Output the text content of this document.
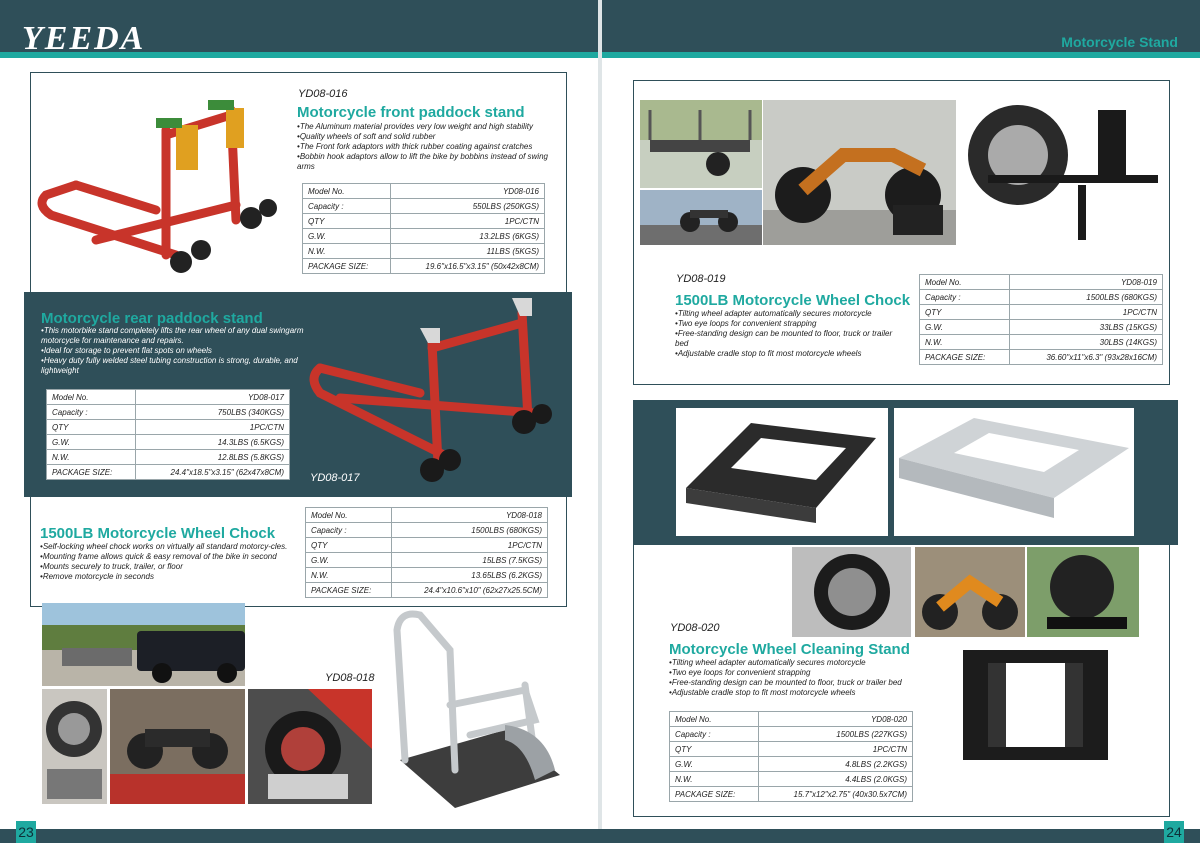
YEEDA	Motorcycle Stand
23	24
YD08-016
Motorcycle front paddock stand
• The Aluminum material provides very low weight and high stability
• Quality wheels of soft and solid rubber
• The Front fork adaptors with thick rubber coating against cratches
• Bobbin hook adaptors allow to lift the bike by bobbins instead of swing arms
Model No.	YD08-016
Capacity :	550LBS (250KGS)
QTY	1PC/CTN
G.W.	13.2LBS (6KGS)
N.W.	11LBS (5KGS)
PACKAGE SIZE:	19.6"x16.5"x3.15" (50x42x8CM)
Motorcycle rear paddock stand
• This motorbike stand completely lifts the rear wheel of any dual swingarm motorcycle for maintenance and repairs.
• Ideal for storage to prevent flat spots on wheels
• Heavy duty fully welded steel tubing construction is strong, durable, and lightweight
Model No.	YD08-017
Capacity :	750LBS (340KGS)
QTY	1PC/CTN
G.W.	14.3LBS (6.5KGS)
N.W.	12.8LBS (5.8KGS)
PACKAGE SIZE:	24.4"x18.5"x3.15" (62x47x8CM) YD08-017
1500LB Motorcycle Wheel Chock
• Self-locking wheel chock works on virtually all standard motorcy-cles.
• Mounting frame allows quick & easy removal of the bike in second
• Mounts securely to truck, trailer, or floor
• Remove motorcycle in seconds
Model No.	YD08-018
Capacity :	1500LBS (680KGS)
QTY	1PC/CTN
G.W.	15LBS (7.5KGS)
N.W.	13.65LBS (6.2KGS)
PACKAGE SIZE:	24.4"x10.6"x10" (62x27x25.5CM)
YD08-018
YD08-019
1500LB Motorcycle Wheel Chock
• Tilting wheel adapter automatically secures motorcycle
• Two eye loops for convenient strapping
• Free-standing design can be mounted to floor, truck or trailer bed
• Adjustable cradle stop to fit most motorcycle wheels
Model No.	YD08-019
Capacity :	1500LBS (680KGS)
QTY	1PC/CTN
G.W.	33LBS (15KGS)
N.W.	30LBS (14KGS)
PACKAGE SIZE:	36.60"x11"x6.3" (93x28x16CM)
YD08-020
Motorcycle Wheel Cleaning Stand
• Tilting wheel adapter automatically secures motorcycle
• Two eye loops for convenient strapping
• Free-standing design can be mounted to floor, truck or trailer bed
• Adjustable cradle stop to fit most motorcycle wheels
Model No.	YD08-020
Capacity :	1500LBS (227KGS)
QTY	1PC/CTN
G.W.	4.8LBS (2.2KGS)
N.W.	4.4LBS (2.0KGS)
PACKAGE SIZE:	15.7"x12"x2.75" (40x30.5x7CM)
